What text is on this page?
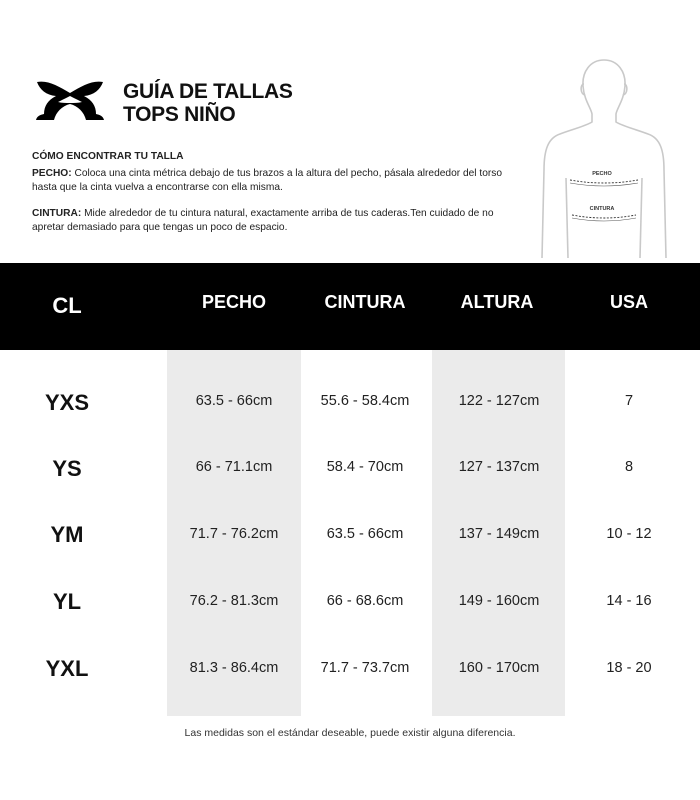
GUÍA DE TALLAS
TOPS NIÑO
CÓMO ENCONTRAR TU TALLA

PECHO: Coloca una cinta métrica debajo de tus brazos a la altura del pecho, pásala alrededor del torso hasta que la cinta vuelva a encontrarse con ella misma.

CINTURA: Mide alrededor de tu cintura natural, exactamente arriba de tus caderas.Ten cuidado de no apretar demasiado para que tengas un poco de espacio.

PECHO
CINTURA
CL	PECHO	CINTURA	ALTURA	USA
YXS	63.5 - 66cm	55.6 - 58.4cm	122 - 127cm	7
YS	66 - 71.1cm	58.4 - 70cm	127 - 137cm	8
YM	71.7 - 76.2cm	63.5 - 66cm	137 - 149cm	10 - 12
YL	76.2 - 81.3cm	66 - 68.6cm	149 - 160cm	14 - 16
YXL	81.3 - 86.4cm	71.7 - 73.7cm	160 - 170cm	18 - 20
Las medidas son el estándar deseable, puede existir alguna diferencia.
